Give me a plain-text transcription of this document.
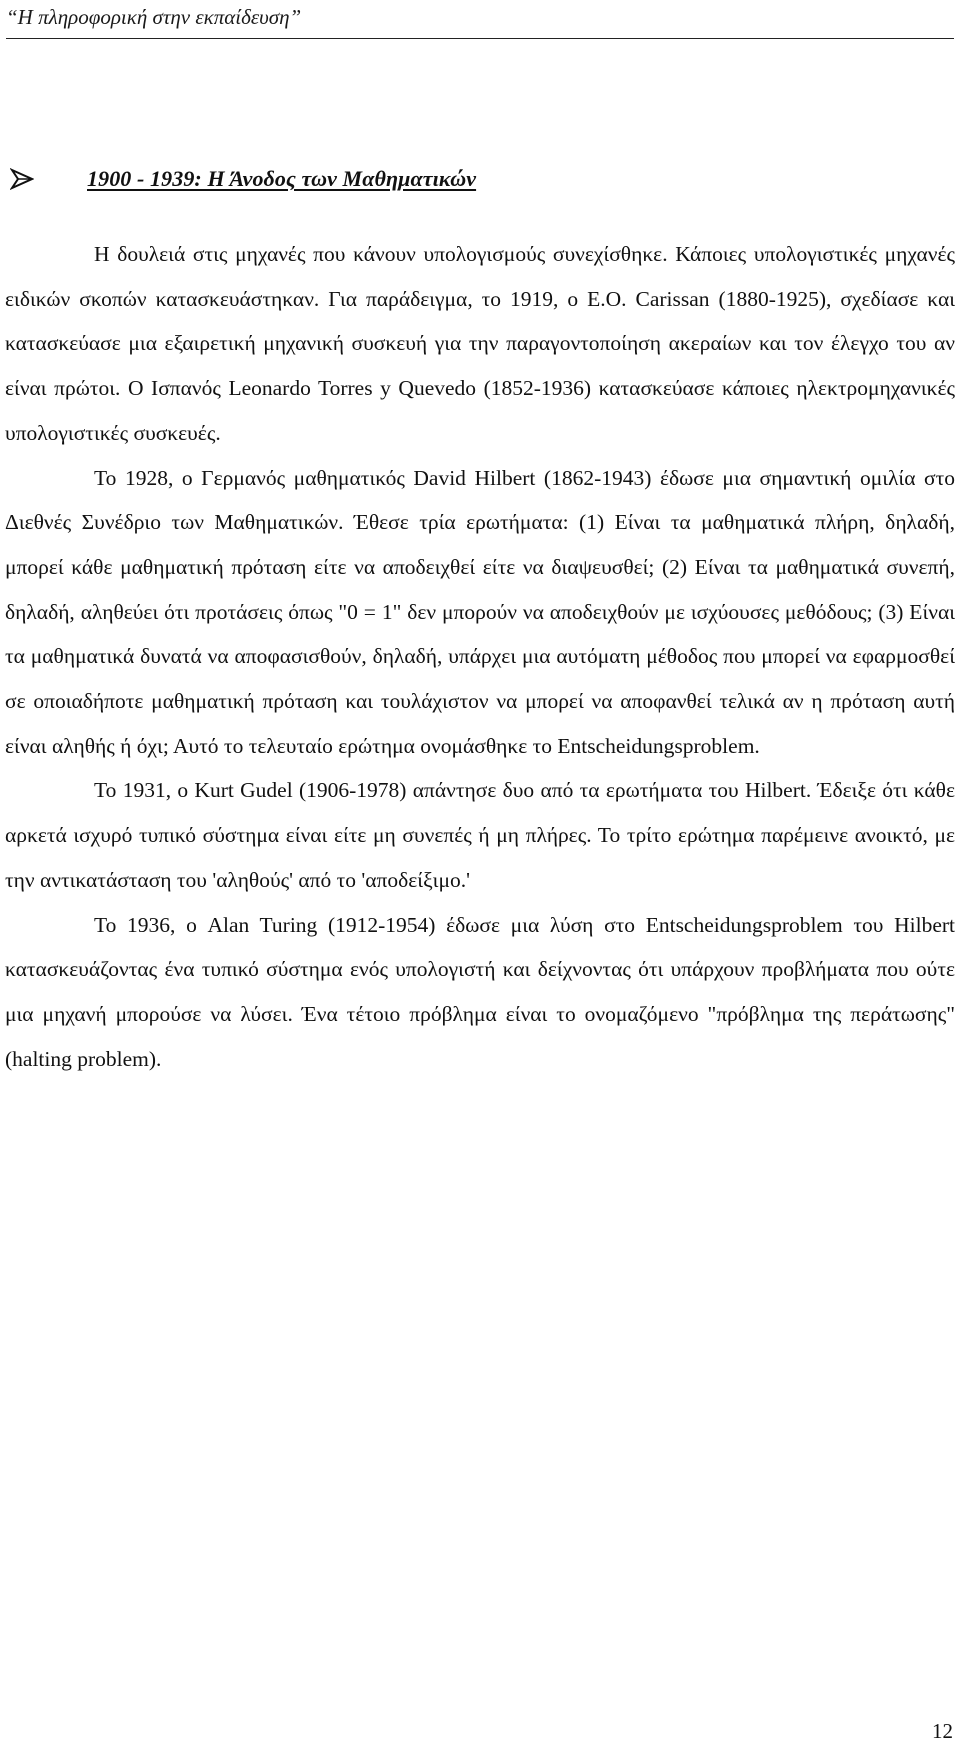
“Η πληροφορική στην εκπαίδευση”
1900 - 1939: Η Άνοδος των Μαθηματικών

Η δουλειά στις μηχανές που κάνουν υπολογισμούς συνεχίσθηκε. Κάποιες υπολογιστικές μηχανές ειδικών σκοπών κατασκευάστηκαν. Για παράδειγμα, το 1919, ο E.O. Carissan (1880-1925), σχεδίασε και κατασκεύασε μια εξαιρετική μηχανική συσκευή για την παραγοντοποίηση ακεραίων και τον έλεγχο του αν είναι πρώτοι. Ο Ισπανός Leonardo Torres y Quevedo (1852-1936) κατασκεύασε κάποιες ηλεκτρομηχανικές υπολογιστικές συσκευές.

Το 1928, ο Γερμανός μαθηματικός David Hilbert (1862-1943) έδωσε μια σημαντική ομιλία στο Διεθνές Συνέδριο των Μαθηματικών. Έθεσε τρία ερωτήματα: (1) Είναι τα μαθηματικά πλήρη, δηλαδή, μπορεί κάθε μαθηματική πρόταση είτε να αποδειχθεί είτε να διαψευσθεί; (2) Είναι τα μαθηματικά συνεπή, δηλαδή, αληθεύει ότι προτάσεις όπως "0 = 1" δεν μπορούν να αποδειχθούν με ισχύουσες μεθόδους; (3) Είναι τα μαθηματικά δυνατά να αποφασισθούν, δηλαδή, υπάρχει μια αυτόματη μέθοδος που μπορεί να εφαρμοσθεί σε οποιαδήποτε μαθηματική πρόταση και τουλάχιστον να μπορεί να αποφανθεί τελικά αν η πρόταση αυτή είναι αληθής ή όχι; Αυτό το τελευταίο ερώτημα ονομάσθηκε το Entscheidungsproblem.

Το 1931, ο Kurt Gudel (1906-1978) απάντησε δυο από τα ερωτήματα του Hilbert. Έδειξε ότι κάθε αρκετά ισχυρό τυπικό σύστημα είναι είτε μη συνεπές ή μη πλήρες. Το τρίτο ερώτημα παρέμεινε ανοικτό, με την αντικατάσταση του 'αληθούς' από το 'αποδείξιμο.'

Το 1936, ο Alan Turing (1912-1954) έδωσε μια λύση στο Entscheidungsproblem του Hilbert κατασκευάζοντας ένα τυπικό σύστημα ενός υπολογιστή και δείχνοντας ότι υπάρχουν προβλήματα που ούτε μια μηχανή μπορούσε να λύσει. Ένα τέτοιο πρόβλημα είναι το ονομαζόμενο "πρόβλημα της περάτωσης" (halting problem).

12
